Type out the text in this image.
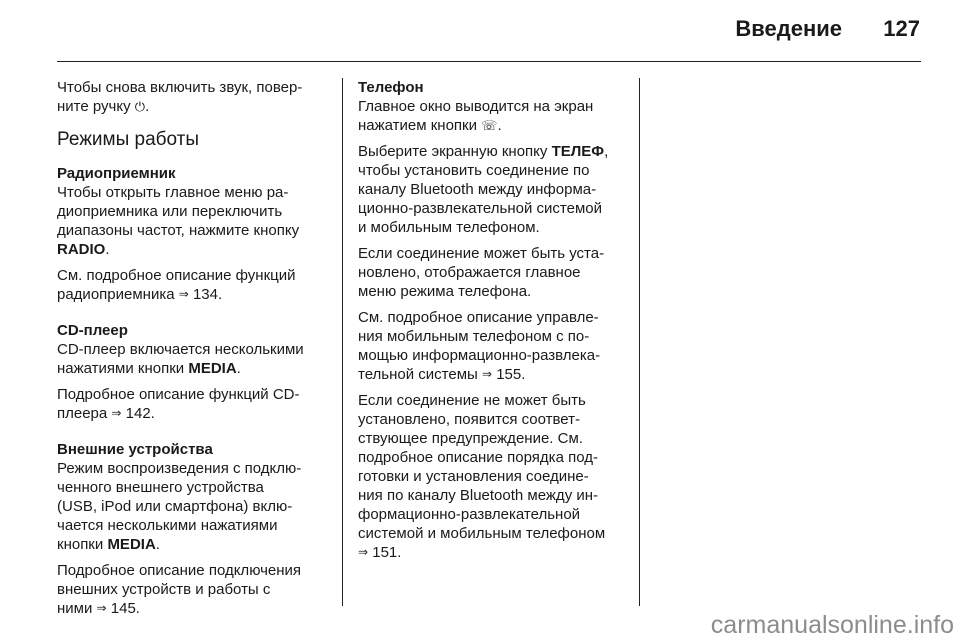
Введение 127

Чтобы снова включить звук, повер-
ните ручку ⏻.

Режимы работы
Радиоприемник

Чтобы открыть главное меню ра-
диоприемника или переключить
диапазоны частот, нажмите кнопку
RADIO.

См. подробное описание функций
радиоприемника ⇒ 134.

CD-плеер

CD-плеер включается несколькими
нажатиями кнопки MEDIA.

Подробное описание функций CD-
плеера ⇒ 142.

Внешние устройства

Режим воспроизведения с подклю-
ченного внешнего устройства
(USB, iPod или смартфона) вклю-
чается несколькими нажатиями
кнопки MEDIA.

Подробное описание подключения
внешних устройств и работы с
ними ⇒ 145.

Телефон

Главное окно выводится на экран
нажатием кнопки ☏.

Выберите экранную кнопку ТЕЛЕФ,
чтобы установить соединение по
каналу Bluetooth между информа-
ционно-развлекательной системой
и мобильным телефоном.

Если соединение может быть уста-
новлено, отображается главное
меню режима телефона.

См. подробное описание управле-
ния мобильным телефоном с по-
мощью информационно-развлека-
тельной системы ⇒ 155.

Если соединение не может быть
установлено, появится соответ-
ствующее предупреждение. См.
подробное описание порядка под-
готовки и установления соедине-
ния по каналу Bluetooth между ин-
формационно-развлекательной
системой и мобильным телефоном
⇒ 151.

carmanualsonline.info
